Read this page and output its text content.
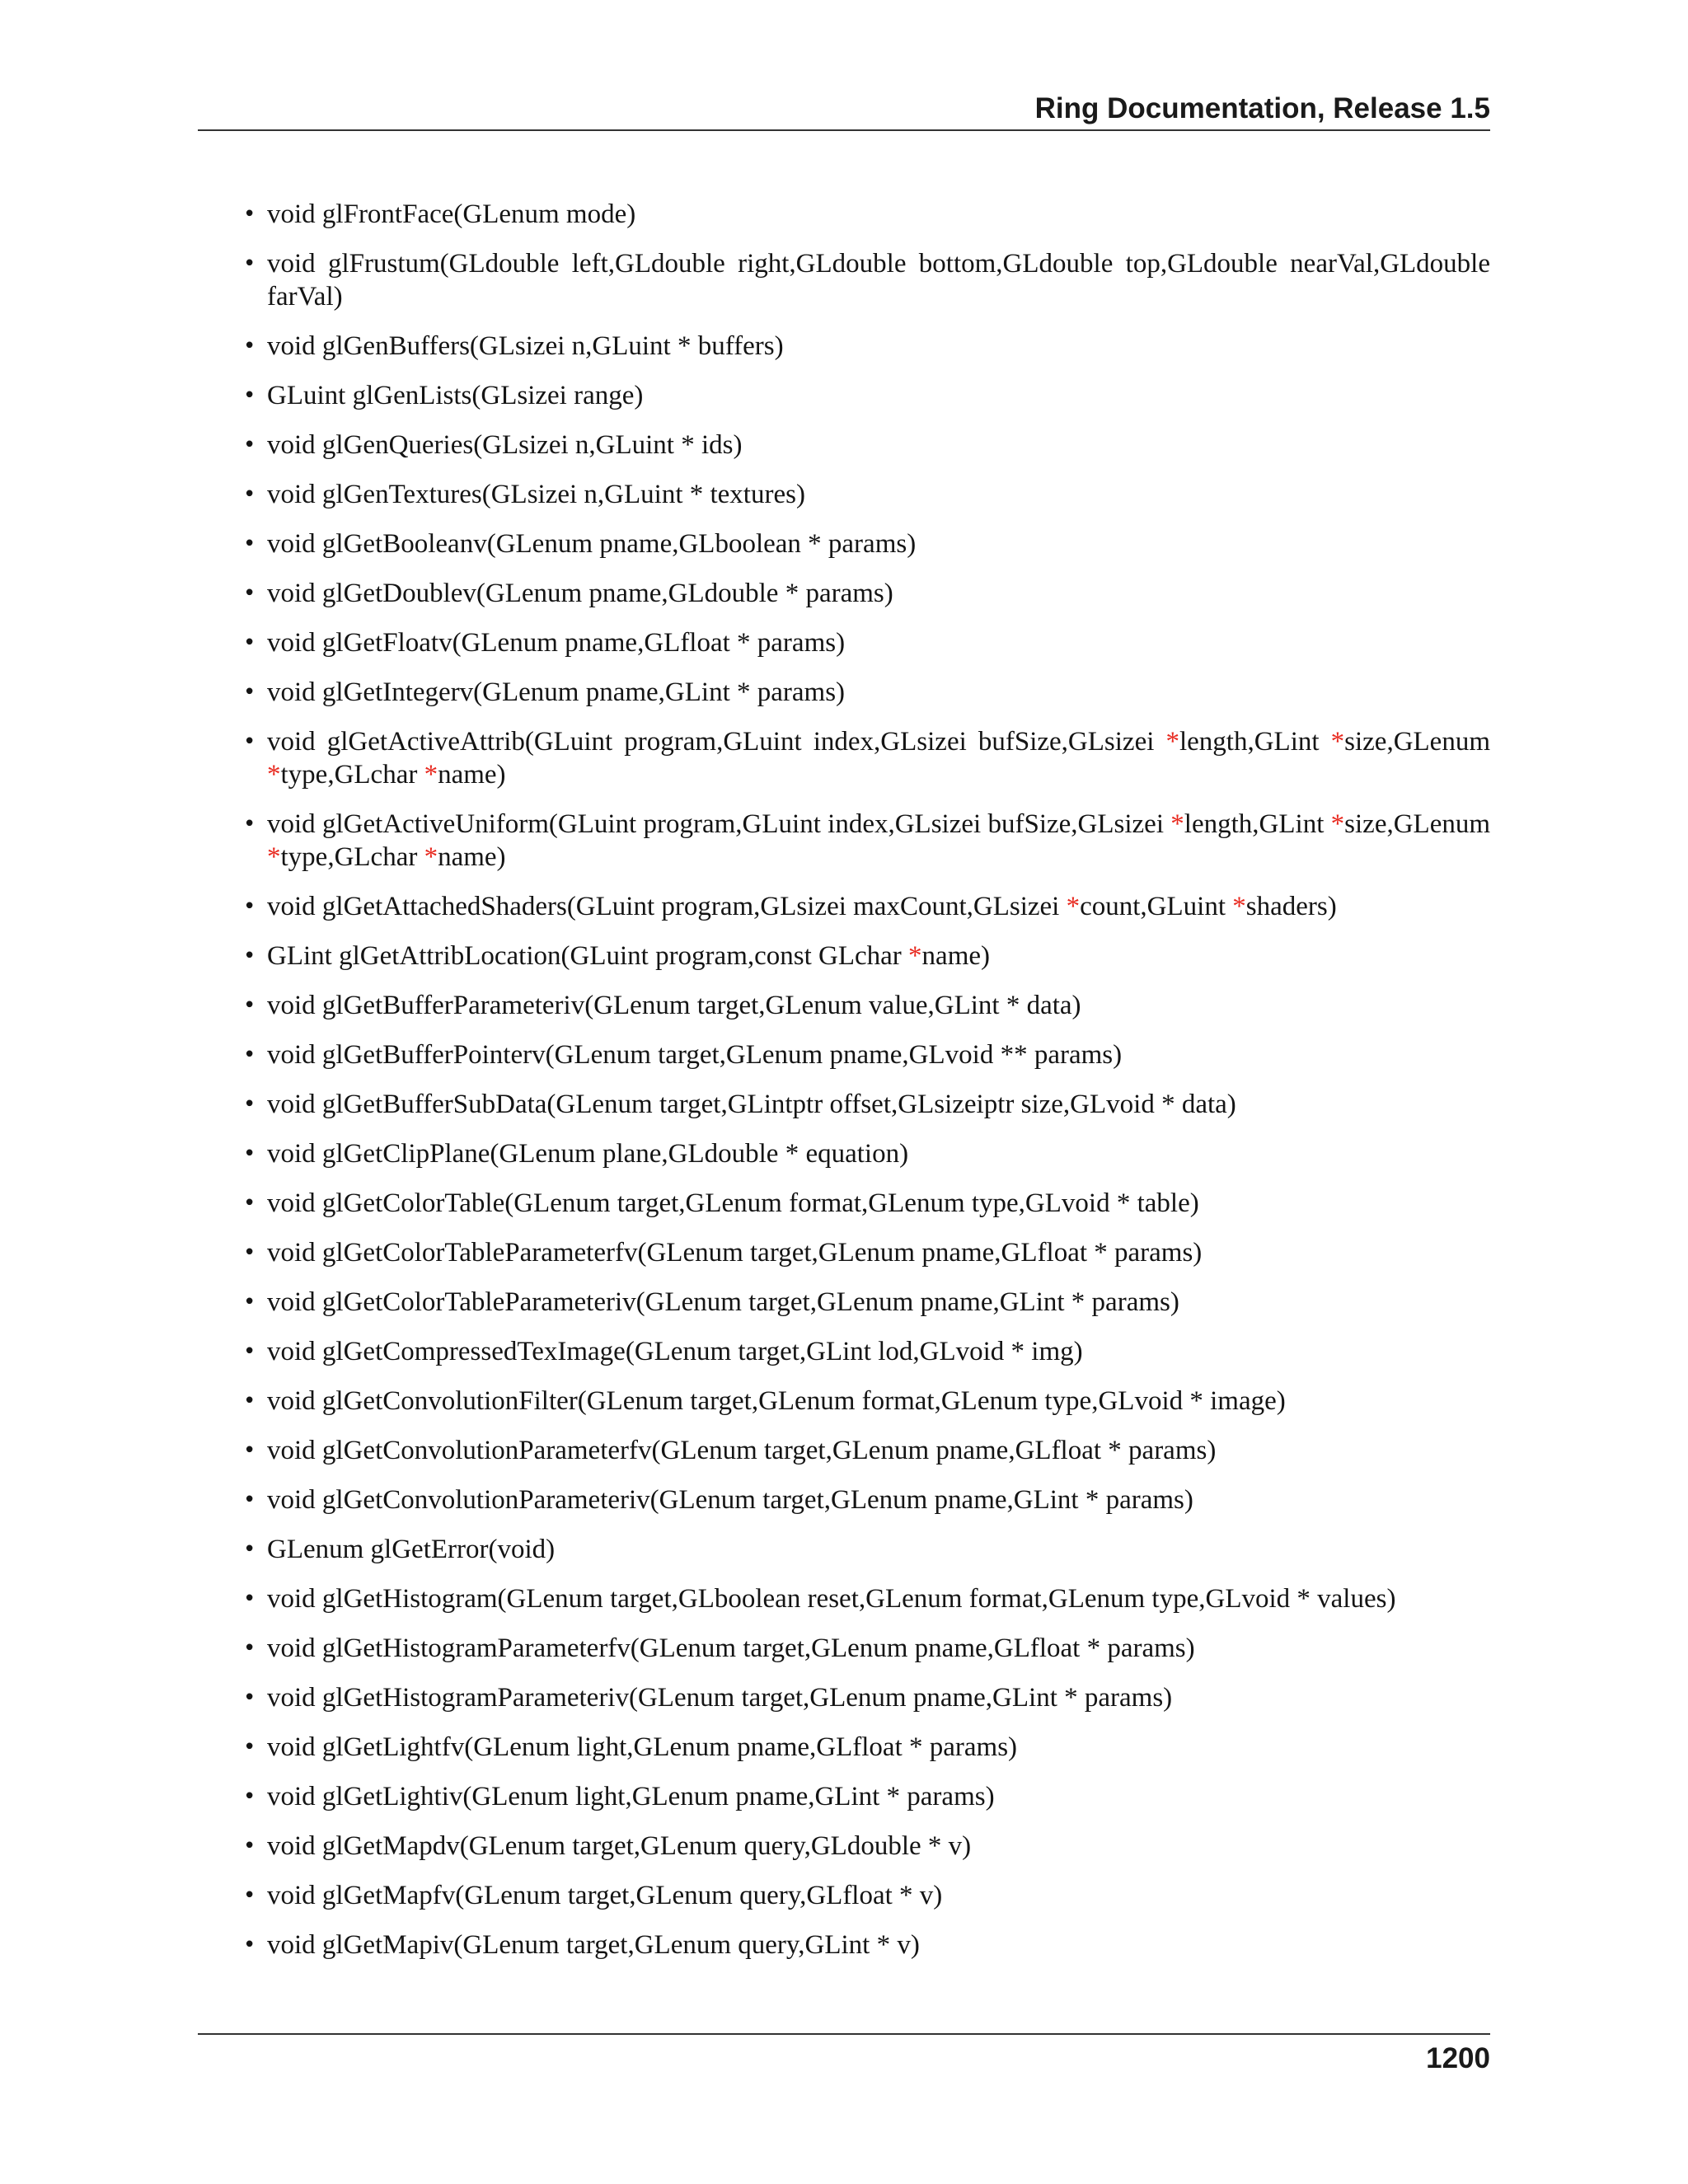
Ring Documentation, Release 1.5
• void glFrontFace(GLenum mode)
• void glFrustum(GLdouble left,GLdouble right,GLdouble bottom,GLdouble top,GLdouble nearVal,GLdouble farVal)
• void glGenBuffers(GLsizei n,GLuint * buffers)
• GLuint glGenLists(GLsizei range)
• void glGenQueries(GLsizei n,GLuint * ids)
• void glGenTextures(GLsizei n,GLuint * textures)
• void glGetBooleanv(GLenum pname,GLboolean * params)
• void glGetDoublev(GLenum pname,GLdouble * params)
• void glGetFloatv(GLenum pname,GLfloat * params)
• void glGetIntegerv(GLenum pname,GLint * params)
• void glGetActiveAttrib(GLuint program,GLuint index,GLsizei bufSize,GLsizei *length,GLint *size,GLenum *type,GLchar *name)
• void glGetActiveUniform(GLuint program,GLuint index,GLsizei bufSize,GLsizei *length,GLint *size,GLenum *type,GLchar *name)
• void glGetAttachedShaders(GLuint program,GLsizei maxCount,GLsizei *count,GLuint *shaders)
• GLint glGetAttribLocation(GLuint program,const GLchar *name)
• void glGetBufferParameteriv(GLenum target,GLenum value,GLint * data)
• void glGetBufferPointerv(GLenum target,GLenum pname,GLvoid ** params)
• void glGetBufferSubData(GLenum target,GLintptr offset,GLsizeiptr size,GLvoid * data)
• void glGetClipPlane(GLenum plane,GLdouble * equation)
• void glGetColorTable(GLenum target,GLenum format,GLenum type,GLvoid * table)
• void glGetColorTableParameterfv(GLenum target,GLenum pname,GLfloat * params)
• void glGetColorTableParameteriv(GLenum target,GLenum pname,GLint * params)
• void glGetCompressedTexImage(GLenum target,GLint lod,GLvoid * img)
• void glGetConvolutionFilter(GLenum target,GLenum format,GLenum type,GLvoid * image)
• void glGetConvolutionParameterfv(GLenum target,GLenum pname,GLfloat * params)
• void glGetConvolutionParameteriv(GLenum target,GLenum pname,GLint * params)
• GLenum glGetError(void)
• void glGetHistogram(GLenum target,GLboolean reset,GLenum format,GLenum type,GLvoid * values)
• void glGetHistogramParameterfv(GLenum target,GLenum pname,GLfloat * params)
• void glGetHistogramParameteriv(GLenum target,GLenum pname,GLint * params)
• void glGetLightfv(GLenum light,GLenum pname,GLfloat * params)
• void glGetLightiv(GLenum light,GLenum pname,GLint * params)
• void glGetMapdv(GLenum target,GLenum query,GLdouble * v)
• void glGetMapfv(GLenum target,GLenum query,GLfloat * v)
• void glGetMapiv(GLenum target,GLenum query,GLint * v)
1200
